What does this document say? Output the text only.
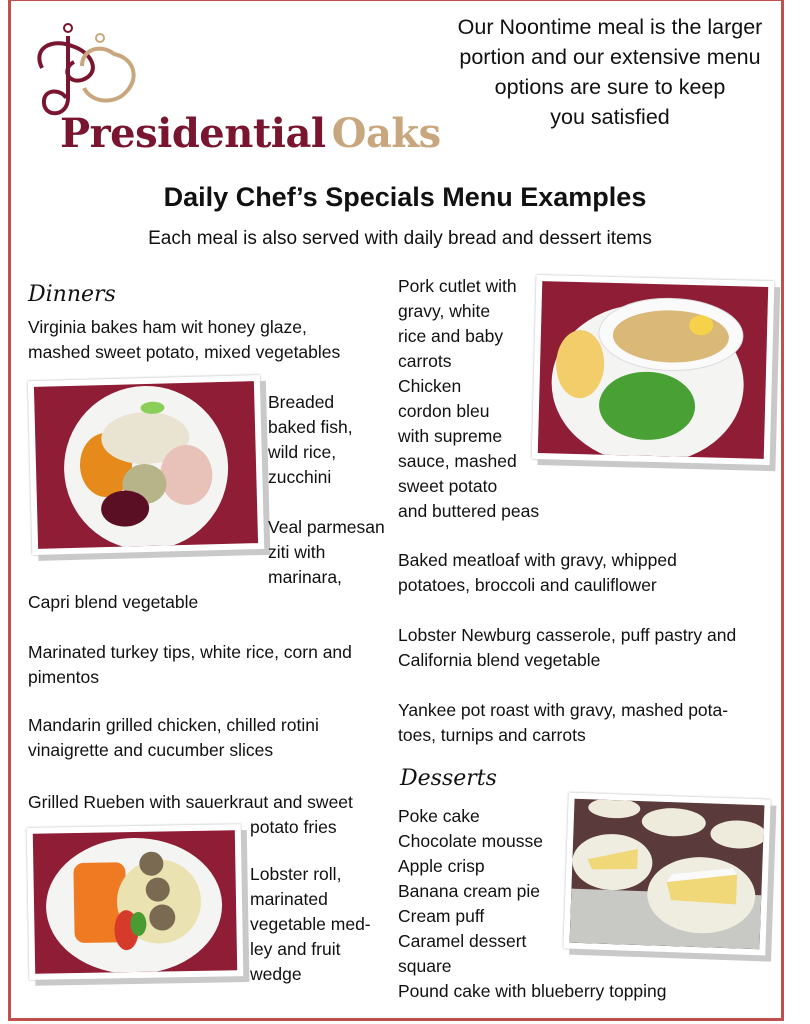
Presidential Oaks
Our Noontime meal is the larger
portion and our extensive menu
options are sure to keep
you satisfied
Daily Chef’s Specials Menu Examples
Each meal is also served with daily bread and dessert items
Dinners
Virginia bakes ham wit honey glaze, mashed sweet potato, mixed vegetables
Breaded
baked fish,
wild rice,
zucchini
Veal parmesan
ziti with
marinara,
Capri blend vegetable
Marinated turkey tips, white rice, corn and pimentos
Mandarin grilled chicken, chilled rotini vinaigrette and cucumber slices
Grilled Rueben with sauerkraut and sweet
potato fries
Lobster roll,
marinated
vegetable med-
ley and fruit
wedge
Pork cutlet with
gravy, white
rice and baby
carrots
Chicken
cordon bleu
with supreme
sauce, mashed
sweet potato
and buttered peas
Baked meatloaf with gravy, whipped potatoes, broccoli and cauliflower
Lobster Newburg casserole, puff pastry and California blend vegetable
Yankee pot roast with gravy, mashed pota-toes, turnips and carrots
Desserts
Poke cake
Chocolate mousse
Apple crisp
Banana cream pie
Cream puff
Caramel dessert
square
Pound cake with blueberry topping
